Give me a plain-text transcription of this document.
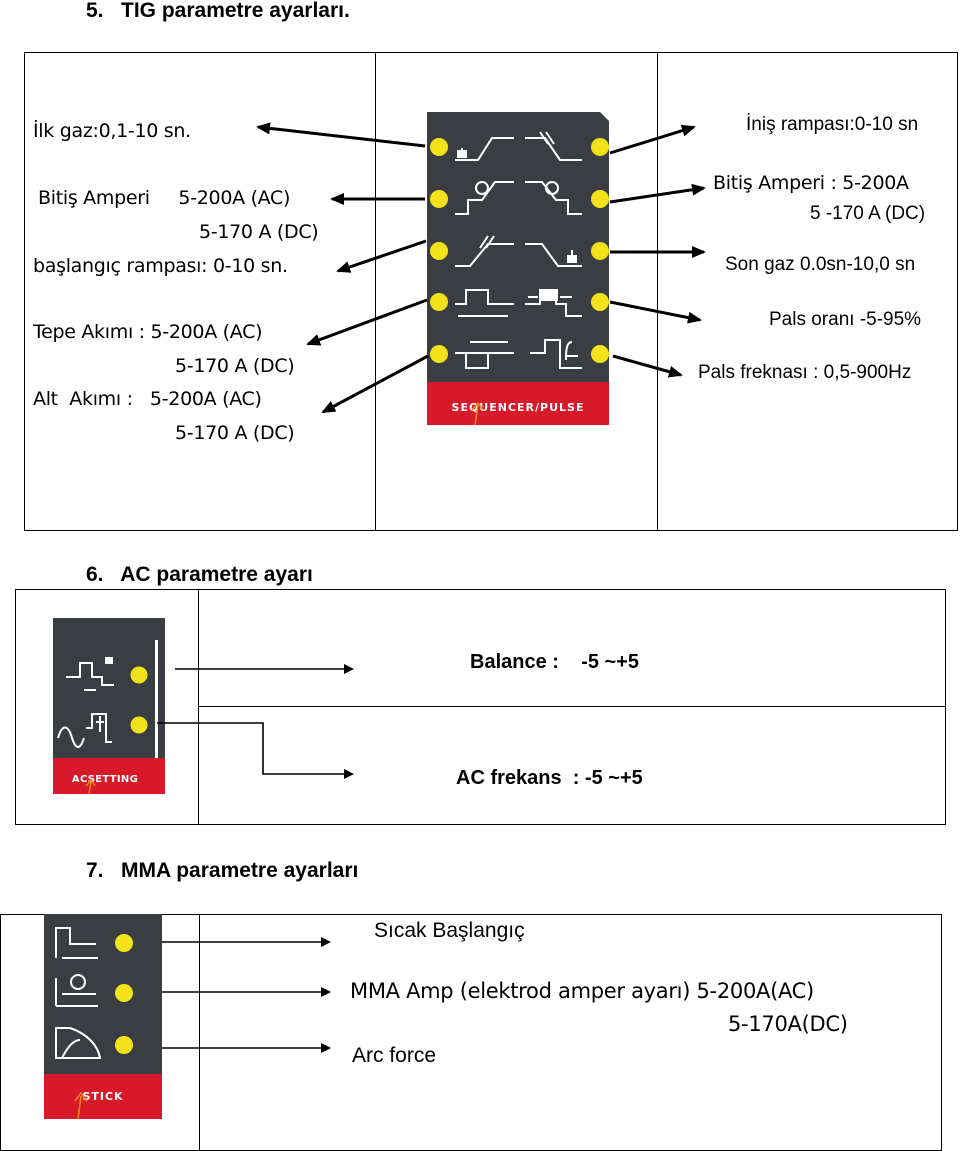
5.   TIG parametre ayarları.
İlk gaz:0,1-10 sn.
Bitiş Amperi     5-200A (AC)
5-170 A (DC)
başlangıç rampası: 0-10 sn.
Tepe Akımı : 5-200A (AC)
5-170 A (DC)
Alt  Akımı :   5-200A (AC)
5-170 A (DC)
İniş rampası:0-10 sn
Bitiş Amperi : 5-200A
5 -170 A (DC)
Son gaz 0.0sn-10,0 sn
Pals oranı -5-95%
Pals freknası : 0,5-900Hz
6.   AC parametre ayarı
Balance :    -5 ~+5
AC frekans  : -5 ~+5
7.   MMA parametre ayarları
Sıcak Başlangıç
MMA Amp (elektrod amper ayarı) 5-200A(AC)
5-170A(DC)
Arc force
SEQUENCER/PULSE
ACSETTING
STICK
